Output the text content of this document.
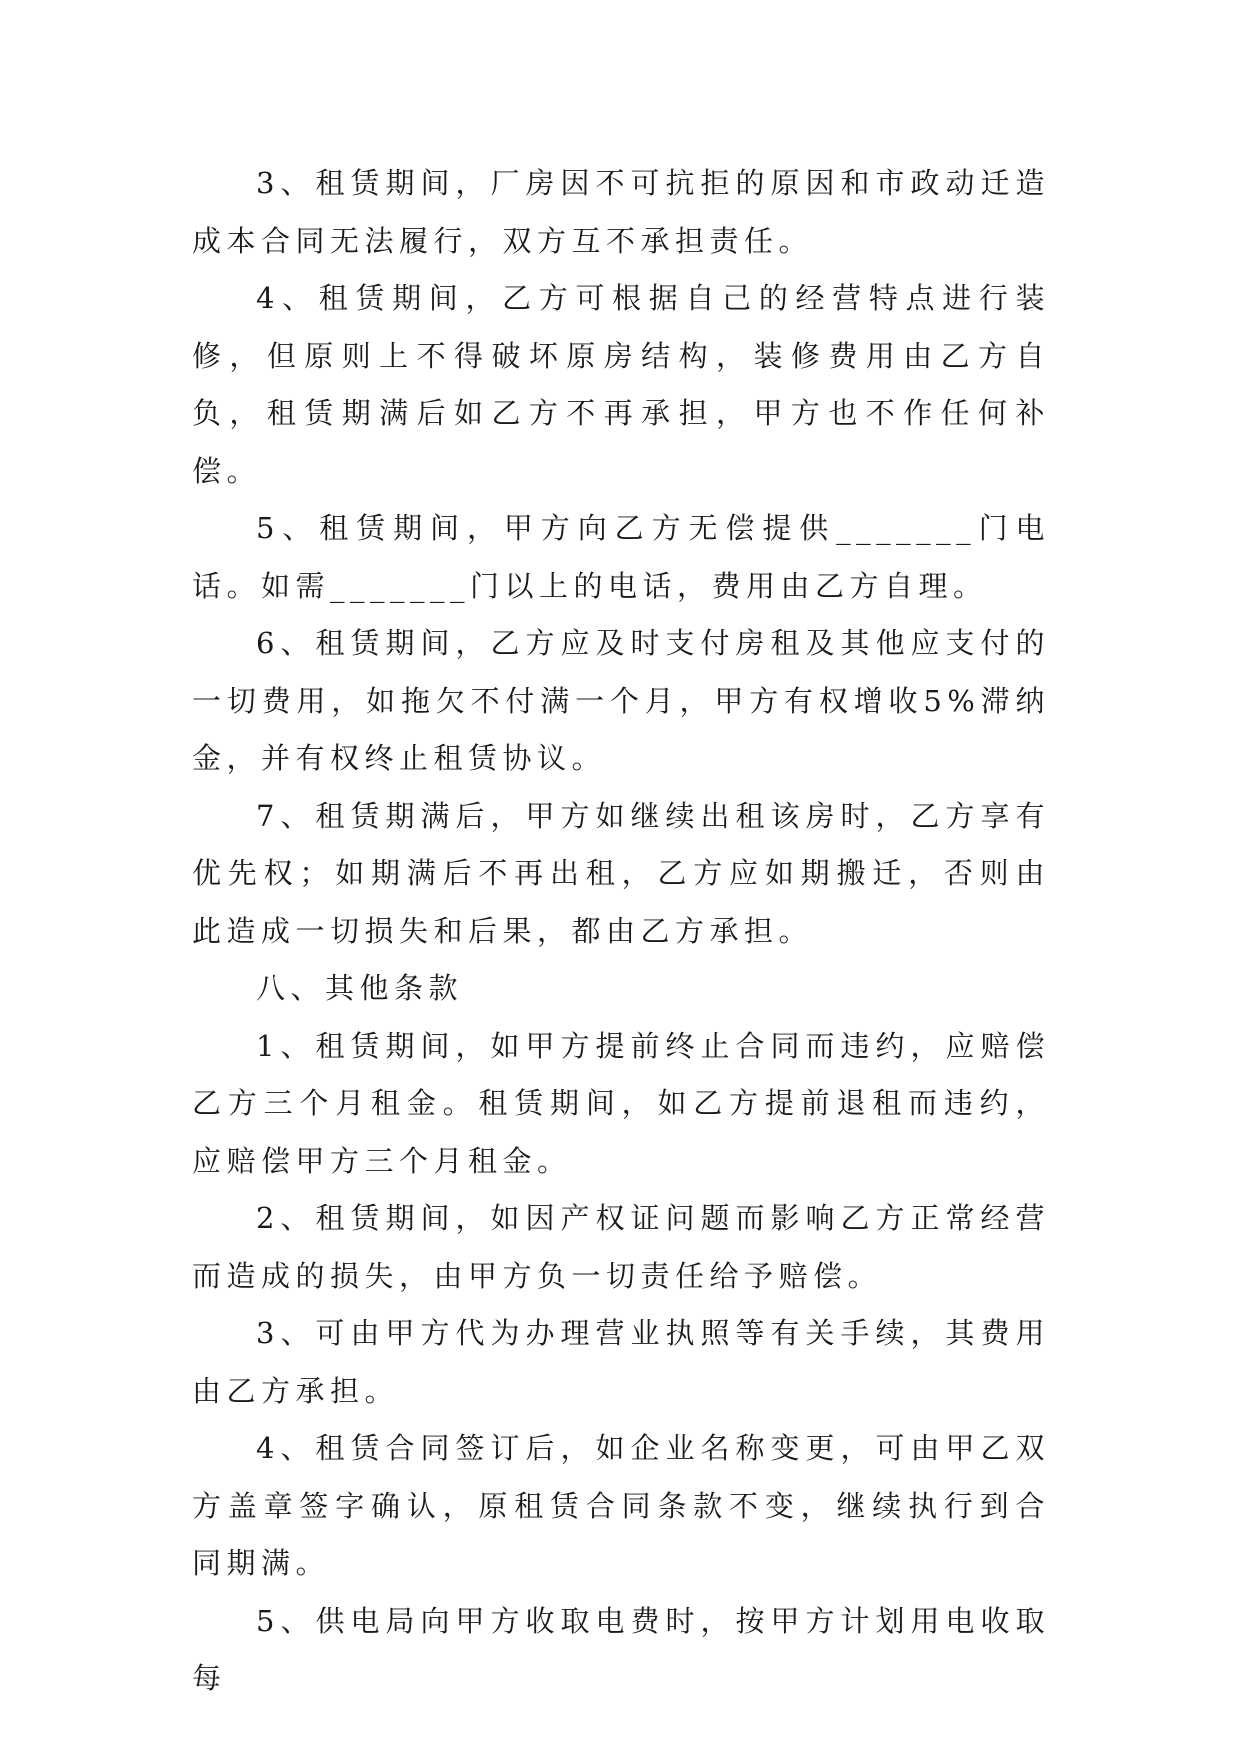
3、租赁期间，厂房因不可抗拒的原因和市政动迁造成本合同无法履行，双方互不承担责任。

4、租赁期间，乙方可根据自己的经营特点进行装修，但原则上不得破坏原房结构，装修费用由乙方自负，租赁期满后如乙方不再承担，甲方也不作任何补偿。

5、租赁期间，甲方向乙方无偿提供_______门电话。如需_______门以上的电话，费用由乙方自理。

6、租赁期间，乙方应及时支付房租及其他应支付的一切费用，如拖欠不付满一个月，甲方有权增收5%滞纳金，并有权终止租赁协议。

7、租赁期满后，甲方如继续出租该房时，乙方享有优先权；如期满后不再出租，乙方应如期搬迁，否则由此造成一切损失和后果，都由乙方承担。

八、其他条款

1、租赁期间，如甲方提前终止合同而违约，应赔偿乙方三个月租金。租赁期间，如乙方提前退租而违约，应赔偿甲方三个月租金。

2、租赁期间，如因产权证问题而影响乙方正常经营而造成的损失，由甲方负一切责任给予赔偿。

3、可由甲方代为办理营业执照等有关手续，其费用由乙方承担。

4、租赁合同签订后，如企业名称变更，可由甲乙双方盖章签字确认，原租赁合同条款不变，继续执行到合同期满。

5、供电局向甲方收取电费时，按甲方计划用电收取每
